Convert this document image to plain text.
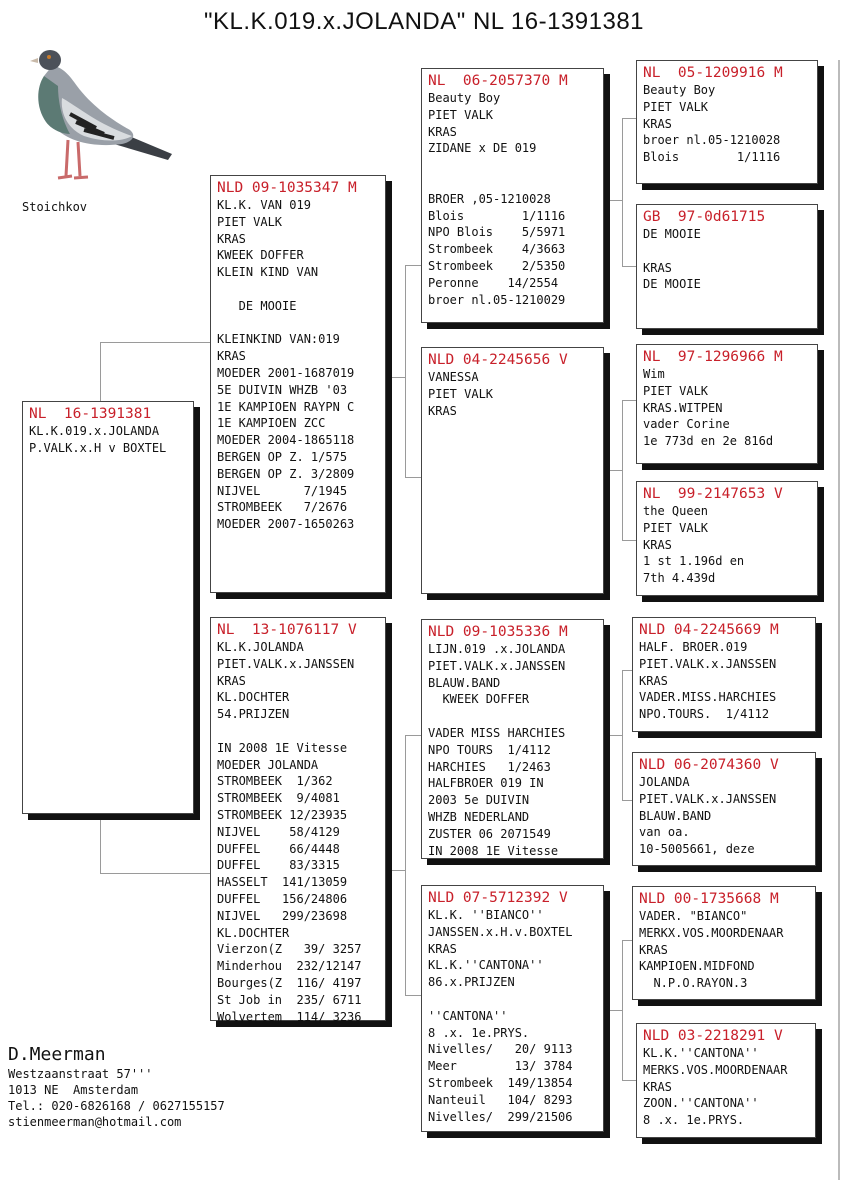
"KL.K.019.x.JOLANDA" NL 16-1391381
Stoichkov
NL  16-1391381
KL.K.019.x.JOLANDA
P.VALK.x.H v BOXTEL
NLD 09-1035347 M
KL.K. VAN 019
PIET VALK
KRAS
KWEEK DOFFER
KLEIN KIND VAN

DE MOOIE

KLEINKIND VAN:019
KRAS
MOEDER 2001-1687019
5E DUIVIN WHZB '03
1E KAMPIOEN RAYPN C
1E KAMPIOEN ZCC
MOEDER 2004-1865118
BERGEN OP Z. 1/575
BERGEN OP Z. 3/2809
NIJVEL      7/1945
STROMBEEK   7/2676
MOEDER 2007-1650263
NL  13-1076117 V
KL.K.JOLANDA
PIET.VALK.x.JANSSEN
KRAS
KL.DOCHTER
54.PRIJZEN

IN 2008 1E Vitesse
MOEDER JOLANDA
STROMBEEK  1/362
STROMBEEK  9/4081
STROMBEEK 12/23935
NIJVEL    58/4129
DUFFEL    66/4448
DUFFEL    83/3315
HASSELT  141/13059
DUFFEL   156/24806
NIJVEL   299/23698
KL.DOCHTER
Vierzon(Z   39/ 3257
Minderhou  232/12147
Bourges(Z  116/ 4197
St Job in  235/ 6711
Wolvertem  114/ 3236
NL  06-2057370 M
Beauty Boy
PIET VALK
KRAS
ZIDANE x DE 019

BROER ,05-1210028
Blois        1/1116
NPO Blois    5/5971
Strombeek    4/3663
Strombeek    2/5350
Peronne    14/2554
broer nl.05-1210029
NLD 04-2245656 V
VANESSA
PIET VALK
KRAS
NLD 09-1035336 M
LIJN.019 .x.JOLANDA
PIET.VALK.x.JANSSEN
BLAUW.BAND
KWEEK DOFFER

VADER MISS HARCHIES
NPO TOURS  1/4112
HARCHIES   1/2463
HALFBROER 019 IN
2003 5e DUIVIN
WHZB NEDERLAND
ZUSTER 06 2071549
IN 2008 1E Vitesse
NLD 07-5712392 V
KL.K. ''BIANCO''
JANSSEN.x.H.v.BOXTEL
KRAS
KL.K.''CANTONA''
86.x.PRIJZEN

''CANTONA''
8 .x. 1e.PRYS.
Nivelles/   20/ 9113
Meer        13/ 3784
Strombeek  149/13854
Nanteuil   104/ 8293
Nivelles/  299/21506
NL  05-1209916 M
Beauty Boy
PIET VALK
KRAS
broer nl.05-1210028
Blois        1/1116
GB  97-0d61715
DE MOOIE

KRAS
DE MOOIE
NL  97-1296966 M
Wim
PIET VALK
KRAS.WITPEN
vader Corine
1e 773d en 2e 816d
NL  99-2147653 V
the Queen
PIET VALK
KRAS
1 st 1.196d en
7th 4.439d
NLD 04-2245669 M
HALF. BROER.019
PIET.VALK.x.JANSSEN
KRAS
VADER.MISS.HARCHIES
NPO.TOURS.  1/4112
NLD 06-2074360 V
JOLANDA
PIET.VALK.x.JANSSEN
BLAUW.BAND
van oa.
10-5005661, deze
NLD 00-1735668 M
VADER. "BIANCO"
MERKX.VOS.MOORDENAAR
KRAS
KAMPIOEN.MIDFOND
N.P.O.RAYON.3
NLD 03-2218291 V
KL.K.''CANTONA''
MERKS.VOS.MOORDENAAR
KRAS
ZOON.''CANTONA''
8 .x. 1e.PRYS.
D.Meerman
Westzaanstraat 57'''
1013 NE  Amsterdam
Tel.: 020-6826168 / 0627155157
stienmeerman@hotmail.com
